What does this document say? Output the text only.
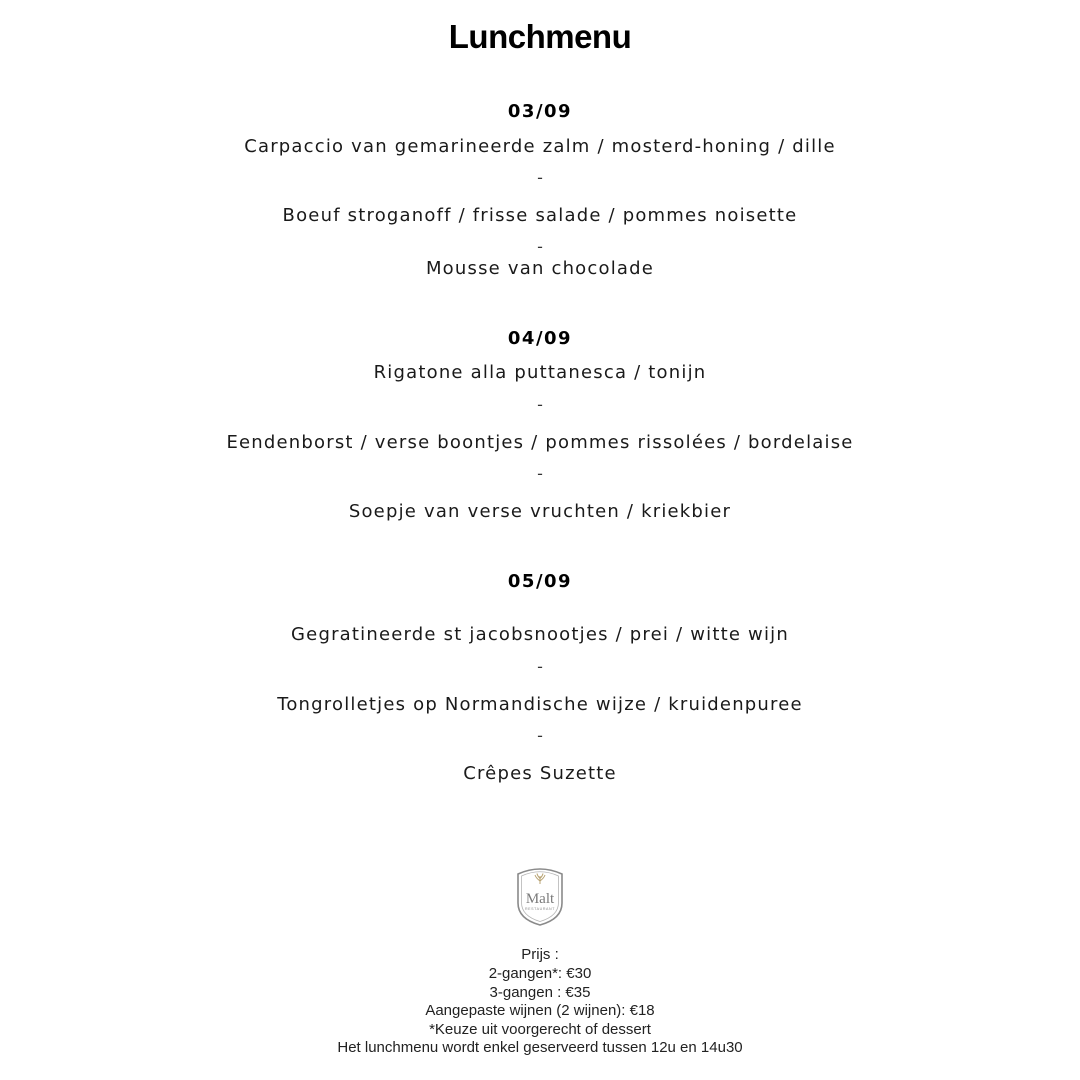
Lunchmenu
03/09
Carpaccio van gemarineerde zalm / mosterd-honing / dille
-
Boeuf stroganoff / frisse salade / pommes noisette
-
Mousse van chocolade
04/09
Rigatone alla puttanesca / tonijn
-
Eendenborst / verse boontjes / pommes rissolées / bordelaise
-
Soepje van verse vruchten / kriekbier
05/09
Gegratineerde st jacobsnootjes / prei / witte wijn
-
Tongrolletjes op Normandische wijze / kruidenpuree
-
Crêpes Suzette
Malt
RESTAURANT
Prijs :
2-gangen*: €30
3-gangen : €35
Aangepaste wijnen (2 wijnen): €18
*Keuze uit voorgerecht of dessert
Het lunchmenu wordt enkel geserveerd tussen 12u en 14u30
